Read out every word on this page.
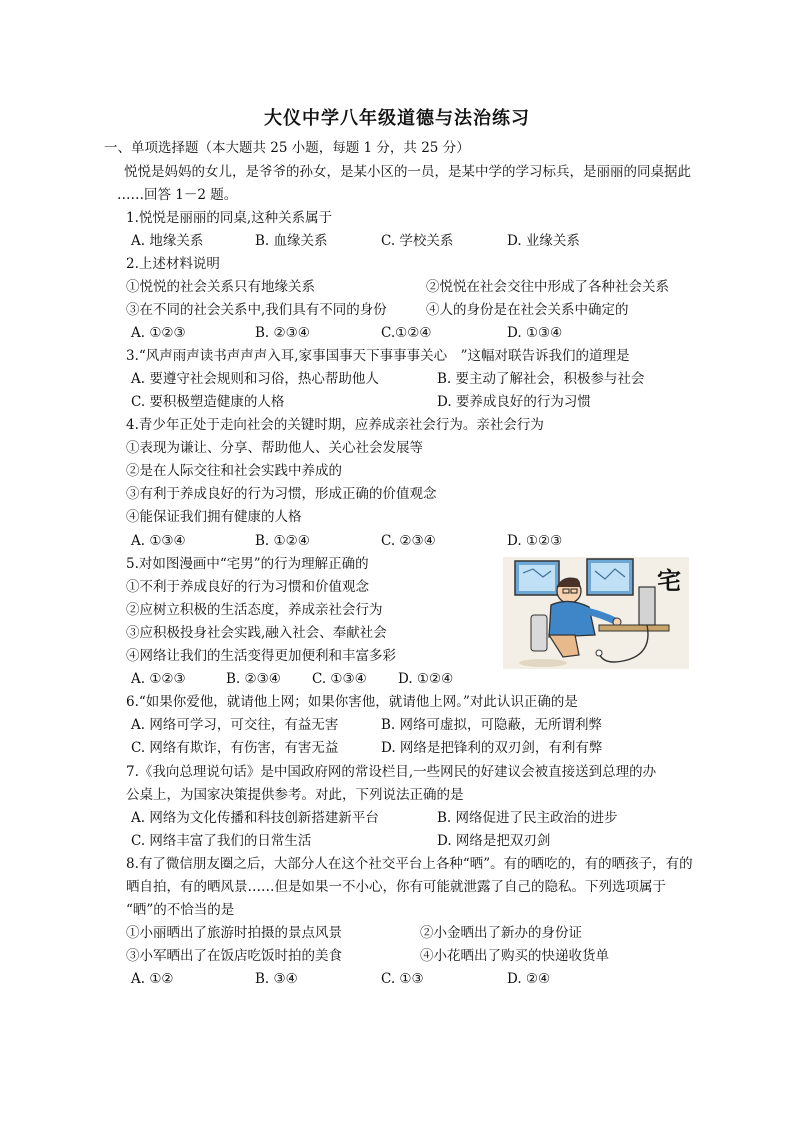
大仪中学八年级道德与法治练习
一、单项选择题（本大题共 25 小题，每题 1 分，共 25 分）
悦悦是妈妈的女儿，是爷爷的孙女，是某小区的一员，是某中学的学习标兵，是丽丽的同桌据此
……回答 1－2 题。
1.悦悦是丽丽的同桌,这种关系属于
A. 地缘关系	B. 血缘关系	C. 学校关系	D. 业缘关系
2.上述材料说明
①悦悦的社会关系只有地缘关系	②悦悦在社会交往中形成了各种社会关系
③在不同的社会关系中,我们具有不同的身份	④人的身份是在社会关系中确定的
A. ①②③	B. ②③④	C.①②④	D. ①③④
3.“风声雨声读书声声声入耳,家事国事天下事事事关心　”这幅对联告诉我们的道理是
A. 要遵守社会规则和习俗，热心帮助他人	B. 要主动了解社会，积极参与社会
C. 要积极塑造健康的人格	D. 要养成良好的行为习惯
4.青少年正处于走向社会的关键时期，应养成亲社会行为。亲社会行为
①表现为谦让、分享、帮助他人、关心社会发展等
②是在人际交往和社会实践中养成的
③有利于养成良好的行为习惯，形成正确的价值观念
④能保证我们拥有健康的人格
A. ①③④	B. ①②④	C. ②③④	D. ①②③
5.对如图漫画中“宅男”的行为理解正确的
①不利于养成良好的行为习惯和价值观念
②应树立积极的生活态度，养成亲社会行为
③应积极投身社会实践,融入社会、奉献社会
④网络让我们的生活变得更加便利和丰富多彩
A. ①②③	B. ②③④ C. ①③④ D. ①②④
宅
6.“如果你爱他，就请他上网；如果你害他，就请他上网。”对此认识正确的是
A. 网络可学习，可交往，有益无害	B. 网络可虚拟，可隐蔽，无所谓利弊
C. 网络有欺诈，有伤害，有害无益	D. 网络是把锋利的双刃剑，有利有弊
7.《我向总理说句话》是中国政府网的常设栏目,一些网民的好建议会被直接送到总理的办
公桌上，为国家决策提供参考。对此，下列说法正确的是
A. 网络为文化传播和科技创新搭建新平台	B. 网络促进了民主政治的进步
C. 网络丰富了我们的日常生活	D. 网络是把双刃剑
8.有了微信朋友圈之后，大部分人在这个社交平台上各种“晒”。有的晒吃的，有的晒孩子，有的
晒自拍，有的晒风景……但是如果一不小心，你有可能就泄露了自己的隐私。下列选项属于
“晒”的不恰当的是
①小丽晒出了旅游时拍摄的景点风景	②小金晒出了新办的身份证
③小军晒出了在饭店吃饭时拍的美食	④小花晒出了购买的快递收货单
A. ①②	B. ③④	C. ①③	D. ②④
